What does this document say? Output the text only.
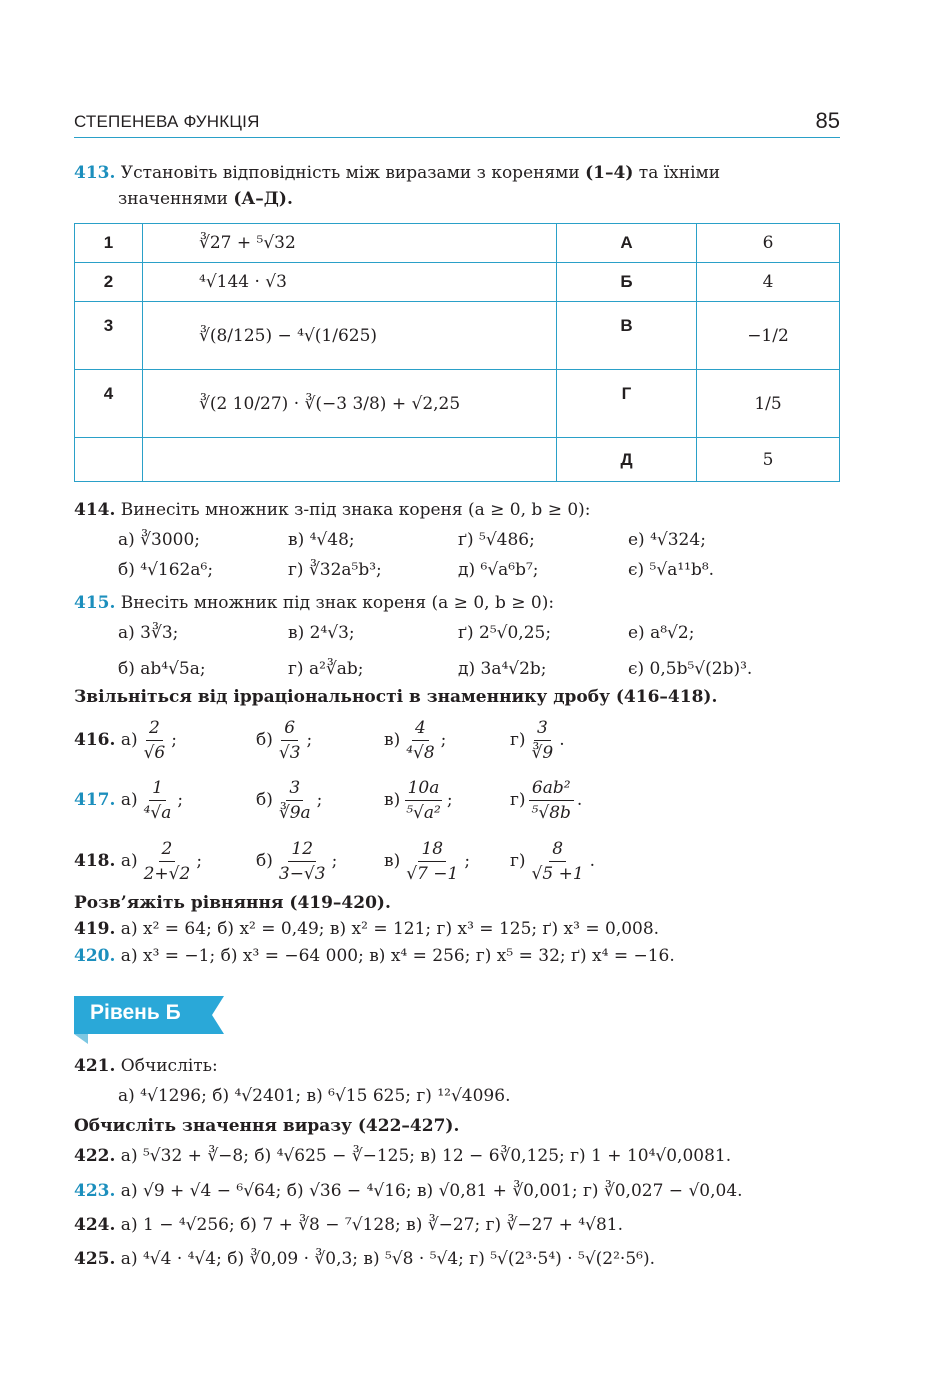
СТЕПЕНЕВА ФУНКЦІЯ	85
413. Установіть відповідність між виразами з коренями (1–4) та їхніми
значеннями (А–Д).
1	∛27 + ⁵√32	А	6
2	⁴√144 · √3	Б	4
3	∛(8/125) − ⁴√(1/625)	В	−1/2
4	∛(2 10/27) · ∛(−3 3/8) + √2,25	Г	1/5
		Д	5
414. Винесіть множник з-під знака кореня (a ≥ 0, b ≥ 0):
а) ∛3000;	в) ⁴√48;	ґ) ⁵√486;	е) ⁴√324;
б) ⁴√162a⁶;	г) ∛32a⁵b³;	д) ⁶√a⁶b⁷;	є) ⁵√a¹¹b⁸.
415. Внесіть множник під знак кореня (a ≥ 0, b ≥ 0):
а) 3∛3;	в) 2⁴√3;	ґ) 2⁵√0,25;	е) a⁸√2;
б) ab⁴√5a;	г) a²∛ab;	д) 3a⁴√2b;	є) 0,5b⁵√(2b)³.
Звільніться від ірраціональності в знаменнику дробу (416–418).
416.
$а) \frac{2}{√6}$ ;	$б) \frac{6}{√3}$ ;	$в) \frac{4}{\text{⁴√8}}$ ;	$г) \frac{3}{∛9}$ .
417.
$а) \frac{1}{\text{⁴√a}}$ ;	$б) \frac{3}{∛9a}$ ;	$в) \frac{10a}{\text{⁵√a²}}$ ;	$г) \frac{\text{6ab²}}{\text{⁵√8b}}$ .
418.
$а) \frac{2}{2+√2}$ ;	$б) \frac{12}{3-√3}$ ;	$в) \frac{18}{√7 -1}$ ; $г) \frac{8}{√5 +1}$ .
Розв’яжіть рівняння (419–420).
419. а) x² = 64; б) x² = 0,49; в) x² = 121; г) x³ = 125; ґ) x³ = 0,008.
420. а) x³ = −1; б) x³ = −64 000; в) x⁴ = 256; г) x⁵ = 32; ґ) x⁴ = −16.
Рівень Б
421. Обчисліть:
а) ⁴√1296; б) ⁴√2401; в) ⁶√15 625; г) ¹²√4096.
Обчисліть значення виразу (422–427).
422. а) ⁵√32 + ∛−8; б) ⁴√625 − ∛−125; в) 12 − 6∛0,125; г) 1 + 10⁴√0,0081.
423. а) √9 + √4 − ⁶√64; б) √36 − ⁴√16; в) √0,81 + ∛0,001; г) ∛0,027 − √0,04.
424. а) 1 − ⁴√256; б) 7 + ∛8 − ⁷√128; в) ∛−27; г) ∛−27 + ⁴√81.
425. а) ⁴√4 · ⁴√4; б) ∛0,09 · ∛0,3; в) ⁵√8 · ⁵√4; г) ⁵√(2³·5⁴) · ⁵√(2²·5⁶).
